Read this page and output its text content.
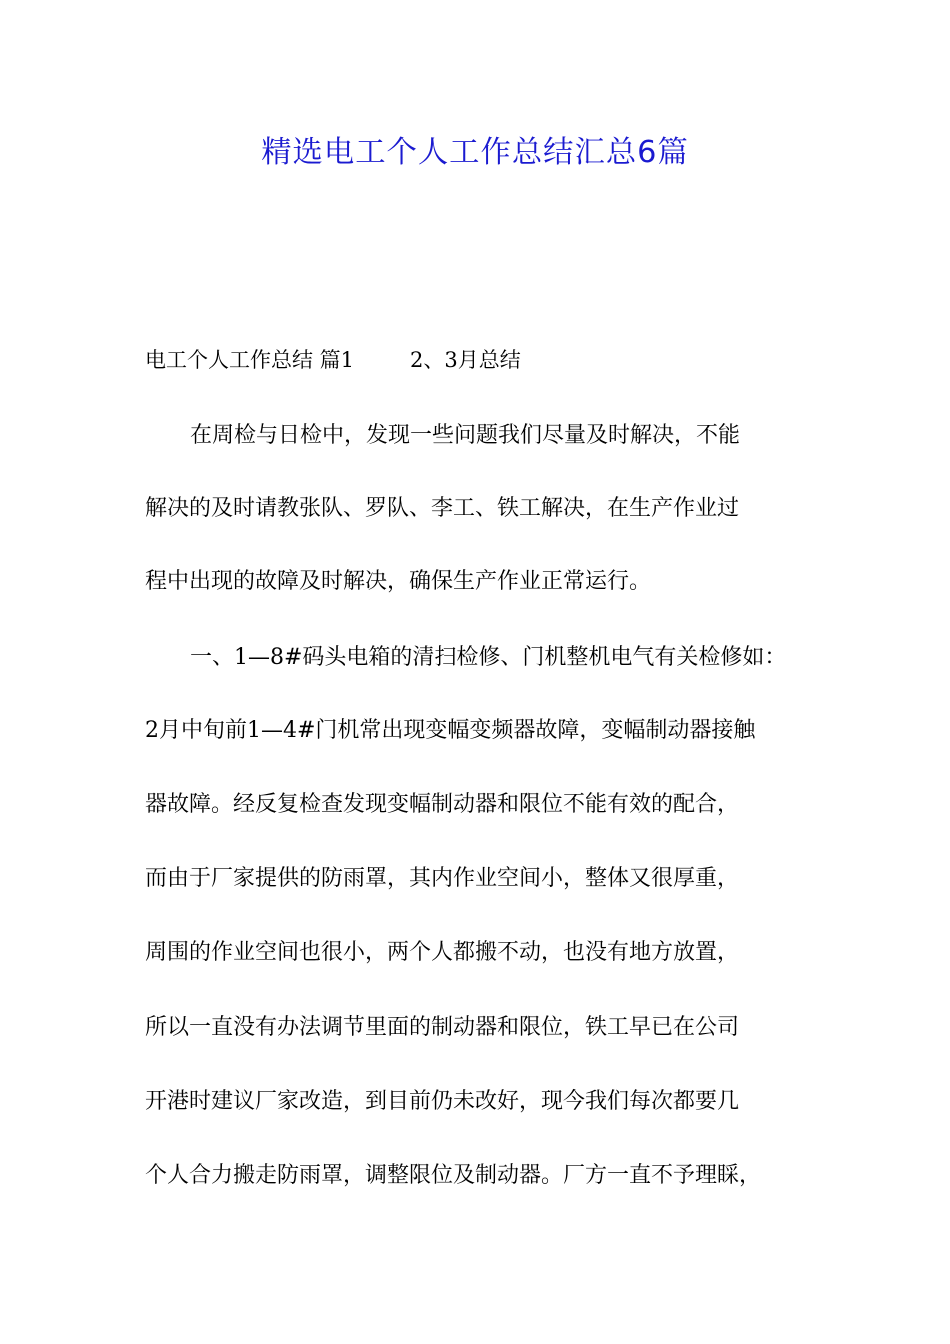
精选电工个人工作总结汇总6篇
电工个人工作总结 篇1	2、3月总结
在周检与日检中，发现一些问题我们尽量及时解决，不能
解决的及时请教张队、罗队、李工、铁工解决，在生产作业过
程中出现的故障及时解决，确保生产作业正常运行。
一、1—8#码头电箱的清扫检修、门机整机电气有关检修如：
2月中旬前1—4#门机常出现变幅变频器故障，变幅制动器接触
器故障。经反复检查发现变幅制动器和限位不能有效的配合，
而由于厂家提供的防雨罩，其内作业空间小，整体又很厚重，
周围的作业空间也很小，两个人都搬不动，也没有地方放置，
所以一直没有办法调节里面的制动器和限位，铁工早已在公司
开港时建议厂家改造，到目前仍未改好，现今我们每次都要几
个人合力搬走防雨罩，调整限位及制动器。厂方一直不予理睬，
